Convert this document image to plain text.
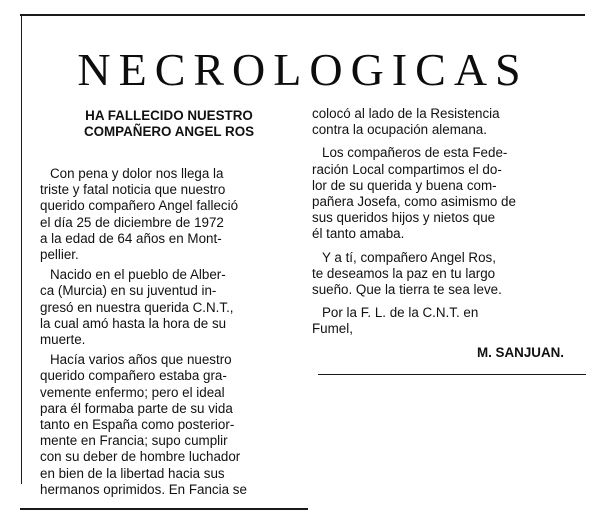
NECROLOGICAS
HA FALLECIDO NUESTRO
COMPAÑERO ANGEL ROS

Con pena y dolor nos llega la
triste y fatal noticia que nuestro
querido compañero Angel falleció
el día 25 de diciembre de 1972
a la edad de 64 años en Mont-
pellier.

Nacido en el pueblo de Alber-
ca (Murcia) en su juventud in-
gresó en nuestra querida C.N.T.,
la cual amó hasta la hora de su
muerte.

Hacía varios años que nuestro
querido compañero estaba gra-
vemente enfermo; pero el ideal
para él formaba parte de su vida
tanto en España como posterior-
mente en Francia; supo cumplir
con su deber de hombre luchador
en bien de la libertad hacia sus
hermanos oprimidos. En Fancia se

colocó al lado de la Resistencia
contra la ocupación alemana.

Los compañeros de esta Fede-
ración Local compartimos el do-
lor de su querida y buena com-
pañera Josefa, como asimismo de
sus queridos hijos y nietos que
él tanto amaba.

Y a tí, compañero Angel Ros,
te deseamos la paz en tu largo
sueño. Que la tierra te sea leve.

Por la F. L. de la C.N.T. en
Fumel,

M. SANJUAN.
